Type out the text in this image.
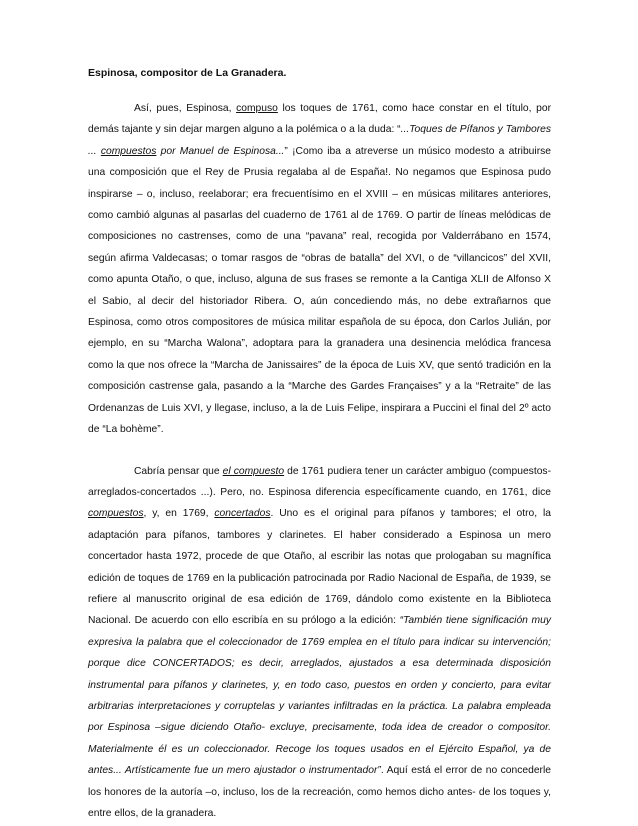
Espinosa, compositor de La Granadera.

Así, pues, Espinosa, compuso los toques de 1761, como hace constar en el título, por demás tajante y sin dejar margen alguno a la polémica o a la duda: “...Toques de Pífanos y Tambores ... compuestos por Manuel de Espinosa...” ¡Como iba a atreverse un músico modesto a atribuirse una composición que el Rey de Prusia regalaba al de España!. No negamos que Espinosa pudo inspirarse – o, incluso, reelaborar; era frecuentísimo en el XVIII – en músicas militares anteriores, como cambió algunas al pasarlas del cuaderno de 1761 al de 1769. O partir de líneas melódicas de composiciones no castrenses, como de una “pavana” real, recogida por Valderrábano en 1574, según afirma Valdecasas; o tomar rasgos de “obras de batalla” del XVI, o de “villancicos” del XVII, como apunta Otaño, o que, incluso, alguna de sus frases se remonte a la Cantiga XLII de Alfonso X el Sabio, al decir del historiador Ribera. O, aún concediendo más, no debe extrañarnos que Espinosa, como otros compositores de música militar española de su época, don Carlos Julián, por ejemplo, en su “Marcha Walona”, adoptara para la granadera una desinencia melódica francesa como la que nos ofrece la “Marcha de Janissaires” de la época de Luis XV, que sentó tradición en la composición castrense gala, pasando a la “Marche des Gardes Françaises” y a la “Retraite” de las Ordenanzas de Luis XVI, y llegase, incluso, a la de Luis Felipe, inspirara a Puccini el final del 2º acto de “La bohème”.

Cabría pensar que el compuesto de 1761 pudiera tener un carácter ambiguo (compuestos-arreglados-concertados ...). Pero, no. Espinosa diferencia específicamente cuando, en 1761, dice compuestos, y, en 1769, concertados. Uno es el original para pífanos y tambores; el otro, la adaptación para pífanos, tambores y clarinetes. El haber considerado a Espinosa un mero concertador hasta 1972, procede de que Otaño, al escribir las notas que prologaban su magnífica edición de toques de 1769 en la publicación patrocinada por Radio Nacional de España, de 1939, se refiere al manuscrito original de esa edición de 1769, dándolo como existente en la Biblioteca Nacional. De acuerdo con ello escribía en su prólogo a la edición: “También tiene significación muy expresiva la palabra que el coleccionador de 1769 emplea en el título para indicar su intervención; porque dice CONCERTADOS; es decir, arreglados, ajustados a esa determinada disposición instrumental para pífanos y clarinetes, y, en todo caso, puestos en orden y concierto, para evitar arbitrarias interpretaciones y corruptelas y variantes infiltradas en la práctica. La palabra empleada por Espinosa –sigue diciendo Otaño- excluye, precisamente, toda idea de creador o compositor. Materialmente él es un coleccionador. Recoge los toques usados en el Ejército Español, ya de antes... Artísticamente fue un mero ajustador o instrumentador”. Aquí está el error de no concederle los honores de la autoría –o, incluso, los de la recreación, como hemos dicho antes- de los toques y, entre ellos, de la granadera.
